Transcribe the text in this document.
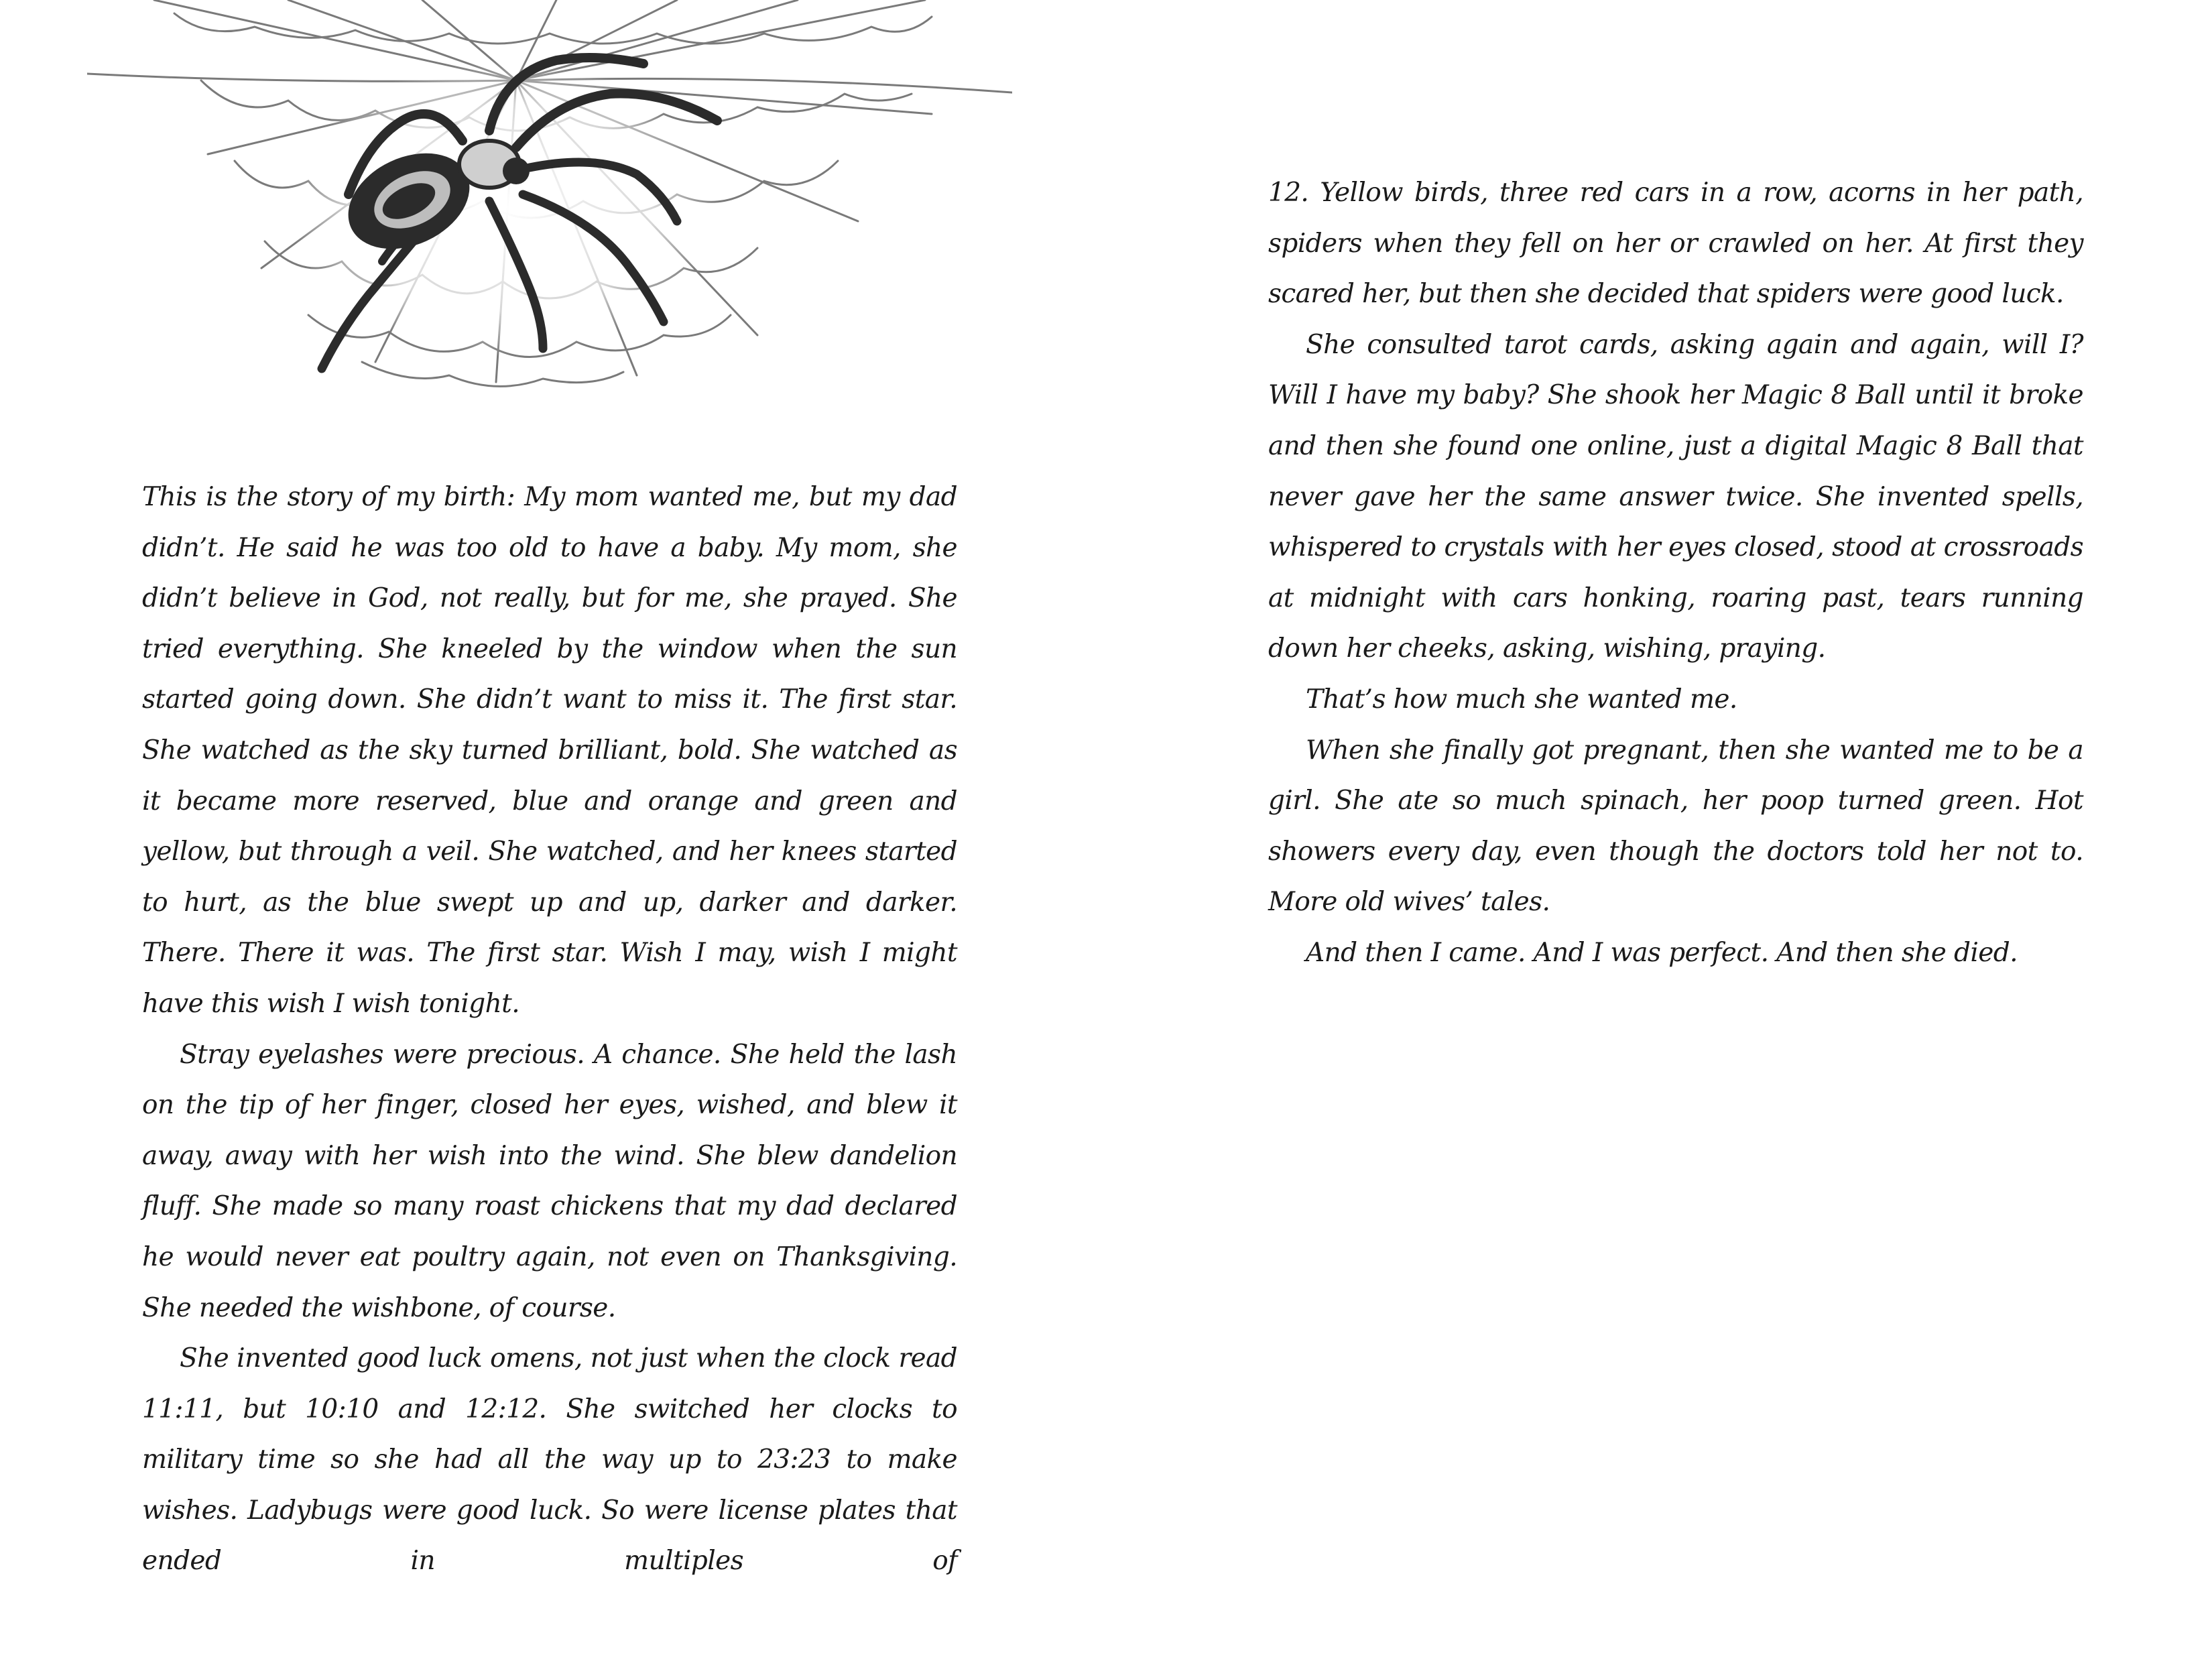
This is the story of my birth: My mom wanted me, but my dad didn’t. He said he was too old to have a baby. My mom, she didn’t believe in God, not really, but for me, she prayed. She tried everything. She kneeled by the window when the sun started going down. She didn’t want to miss it. The first star. She watched as the sky turned brilliant, bold. She watched as it became more reserved, blue and orange and green and yellow, but through a veil. She watched, and her knees started to hurt, as the blue swept up and up, darker and darker. There. There it was. The first star. Wish I may, wish I might have this wish I wish tonight.

Stray eyelashes were precious. A chance. She held the lash on the tip of her finger, closed her eyes, wished, and blew it away, away with her wish into the wind. She blew dandelion fluff. She made so many roast chickens that my dad declared he would never eat poultry again, not even on Thanksgiving. She needed the wishbone, of course.

She invented good luck omens, not just when the clock read 11:11, but 10:10 and 12:12. She switched her clocks to military time so she had all the way up to 23:23 to make wishes. Ladybugs were good luck. So were license plates that ended in multiples of

12. Yellow birds, three red cars in a row, acorns in her path, spiders when they fell on her or crawled on her. At first they scared her, but then she decided that spiders were good luck.

She consulted tarot cards, asking again and again, will I? Will I have my baby? She shook her Magic 8 Ball until it broke and then she found one online, just a digital Magic 8 Ball that never gave her the same answer twice. She invented spells, whispered to crystals with her eyes closed, stood at crossroads at midnight with cars honking, roaring past, tears running down her cheeks, asking, wishing, praying.

That’s how much she wanted me.

When she finally got pregnant, then she wanted me to be a girl. She ate so much spinach, her poop turned green. Hot showers every day, even though the doctors told her not to. More old wives’ tales.

And then I came. And I was perfect. And then she died.
